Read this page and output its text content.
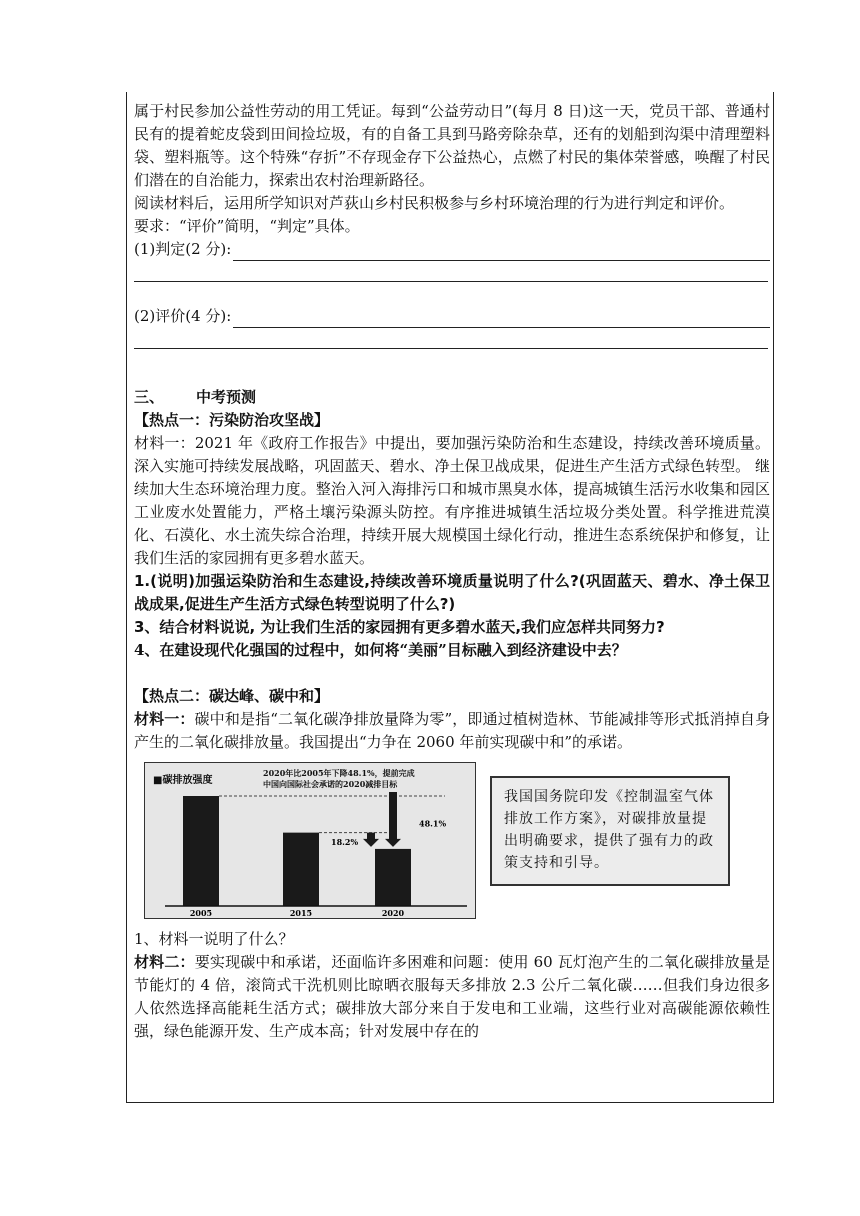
属于村民参加公益性劳动的用工凭证。每到“公益劳动日”(每月 8 日)这一天，党员干部、普通村民有的提着蛇皮袋到田间捡垃圾，有的自备工具到马路旁除杂草，还有的划船到沟渠中清理塑料袋、塑料瓶等。这个特殊“存折”不存现金存下公益热心，点燃了村民的集体荣誉感，唤醒了村民们潜在的自治能力，探索出农村治理新路径。

阅读材料后，运用所学知识对芦荻山乡村民积极参与乡村环境治理的行为进行判定和评价。

要求：“评价”简明，“判定”具体。

(1)判定(2 分):
(2)评价(4 分):
三、	中考预测

【热点一：污染防治攻坚战】

材料一：2021 年《政府工作报告》中提出，要加强污染防治和生态建设，持续改善环境质量。深入实施可持续发展战略，巩固蓝天、碧水、净土保卫战成果，促进生产生活方式绿色转型。 继续加大生态环境治理力度。整治入河入海排污口和城市黑臭水体，提高城镇生活污水收集和园区工业废水处置能力，严格土壤污染源头防控。有序推进城镇生活垃圾分类处置。科学推进荒漠化、石漠化、水土流失综合治理，持续开展大规模国土绿化行动，推进生态系统保护和修复，让我们生活的家园拥有更多碧水蓝天。

1.(说明)加强运染防治和生态建设,持续改善环境质量说明了什么?(巩固蓝天、碧水、净土保卫战成果,促进生产生活方式绿色转型说明了什么?)

3、结合材料说说, 为让我们生活的家园拥有更多碧水蓝天,我们应怎样共同努力?

4、在建设现代化强国的过程中，如何将“美丽”目标融入到经济建设中去？

【热点二：碳达峰、碳中和】

材料一：碳中和是指“二氧化碳净排放量降为零”，即通过植树造林、节能减排等形式抵消掉自身产生的二氧化碳排放量。我国提出“力争在 2060 年前实现碳中和”的承诺。

■碳排放强度
2020年比2005年下降48.1%，提前完成
中国向国际社会承诺的2020减排目标
2005	2015	2020
18.2%
48.1%
我国国务院印发《控制温室气体排放工作方案》，对碳排放量提出明确要求，提供了强有力的政策支持和引导。

1、材料一说明了什么？

材料二：要实现碳中和承诺，还面临许多困难和问题：使用 60 瓦灯泡产生的二氧化碳排放量是节能灯的 4 倍，滚筒式干洗机则比晾晒衣服每天多排放 2.3 公斤二氧化碳……但我们身边很多人依然选择高能耗生活方式；碳排放大部分来自于发电和工业端，这些行业对高碳能源依赖性强，绿色能源开发、生产成本高；针对发展中存在的
